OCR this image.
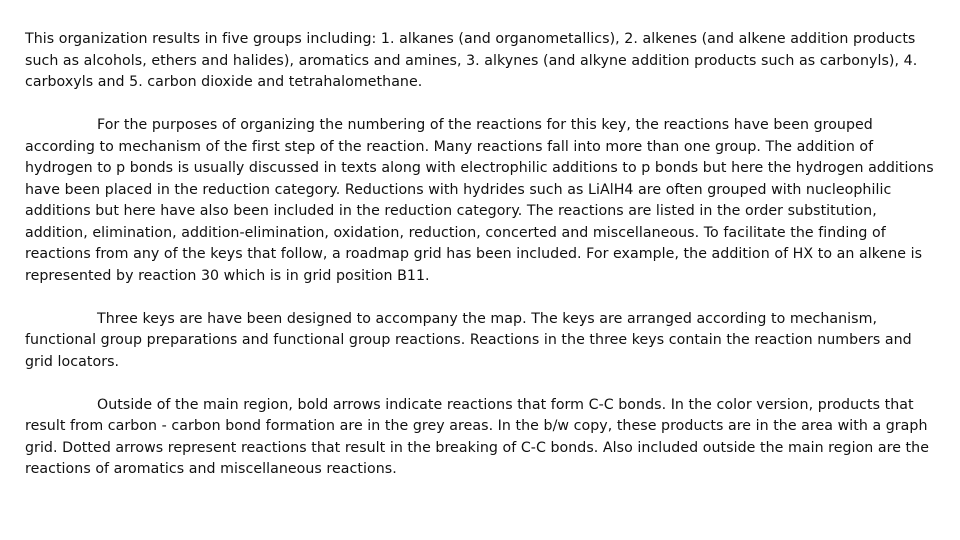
This organization results in five groups including: 1. alkanes (and organometallics), 2. alkenes (and alkene addition products such as alcohols, ethers and halides), aromatics and amines, 3. alkynes (and alkyne addition products such as carbonyls), 4. carboxyls and 5. carbon dioxide and tetrahalomethane.

For the purposes of organizing the numbering of the reactions for this key, the reactions have been grouped according to mechanism of the first step of the reaction. Many reactions fall into more than one group. The addition of hydrogen to p bonds is usually discussed in texts along with electrophilic additions to p bonds but here the hydrogen additions have been placed in the reduction category. Reductions with hydrides such as LiAlH4 are often grouped with nucleophilic additions but here have also been included in the reduction category. The reactions are listed in the order substitution, addition, elimination, addition-elimination, oxidation, reduction, concerted and miscellaneous. To facilitate the finding of reactions from any of the keys that follow, a roadmap grid has been included. For example, the addition of HX to an alkene is represented by reaction 30 which is in grid position B11.

Three keys are have been designed to accompany the map. The keys are arranged according to mechanism, functional group preparations and functional group reactions. Reactions in the three keys contain the reaction numbers and grid locators.

Outside of the main region, bold arrows indicate reactions that form C-C bonds. In the color version, products that result from carbon - carbon bond formation are in the grey areas. In the b/w copy, these products are in the area with a graph grid. Dotted arrows represent reactions that result in the breaking of C-C bonds. Also included outside the main region are the reactions of aromatics and miscellaneous reactions.
